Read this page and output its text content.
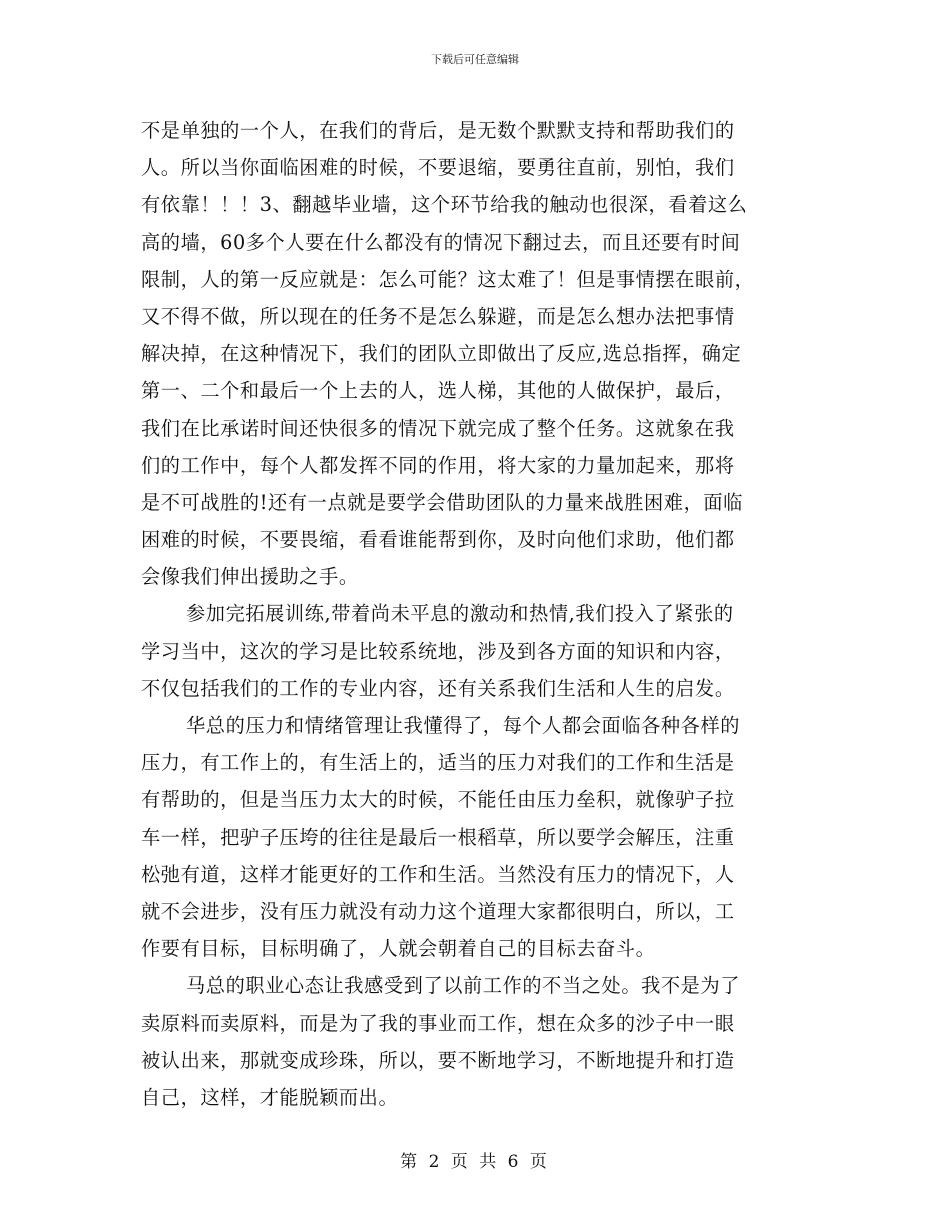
下载后可任意编辑
不是单独的一个人，在我们的背后，是无数个默默支持和帮助我们的
人。所以当你面临困难的时候，不要退缩，要勇往直前，别怕，我们
有依靠！！！3、翻越毕业墙，这个环节给我的触动也很深，看着这么
高的墙，60多个人要在什么都没有的情况下翻过去，而且还要有时间
限制，人的第一反应就是：怎么可能？这太难了！但是事情摆在眼前，
又不得不做，所以现在的任务不是怎么躲避，而是怎么想办法把事情
解决掉，在这种情况下，我们的团队立即做出了反应,选总指挥，确定
第一、二个和最后一个上去的人，选人梯，其他的人做保护，最后，
我们在比承诺时间还快很多的情况下就完成了整个任务。这就象在我
们的工作中，每个人都发挥不同的作用，将大家的力量加起来，那将
是不可战胜的!还有一点就是要学会借助团队的力量来战胜困难，面临
困难的时候，不要畏缩，看看谁能帮到你，及时向他们求助，他们都
会像我们伸出援助之手。
参加完拓展训练,带着尚未平息的激动和热情,我们投入了紧张的
学习当中，这次的学习是比较系统地，涉及到各方面的知识和内容，
不仅包括我们的工作的专业内容，还有关系我们生活和人生的启发。
华总的压力和情绪管理让我懂得了，每个人都会面临各种各样的
压力，有工作上的，有生活上的，适当的压力对我们的工作和生活是
有帮助的，但是当压力太大的时候，不能任由压力垒积，就像驴子拉
车一样，把驴子压垮的往往是最后一根稻草，所以要学会解压，注重
松弛有道，这样才能更好的工作和生活。当然没有压力的情况下，人
就不会进步，没有压力就没有动力这个道理大家都很明白，所以，工
作要有目标，目标明确了，人就会朝着自己的目标去奋斗。
马总的职业心态让我感受到了以前工作的不当之处。我不是为了
卖原料而卖原料，而是为了我的事业而工作，想在众多的沙子中一眼
被认出来，那就变成珍珠，所以，要不断地学习，不断地提升和打造
自己，这样，才能脱颖而出。
第 2 页 共 6 页
